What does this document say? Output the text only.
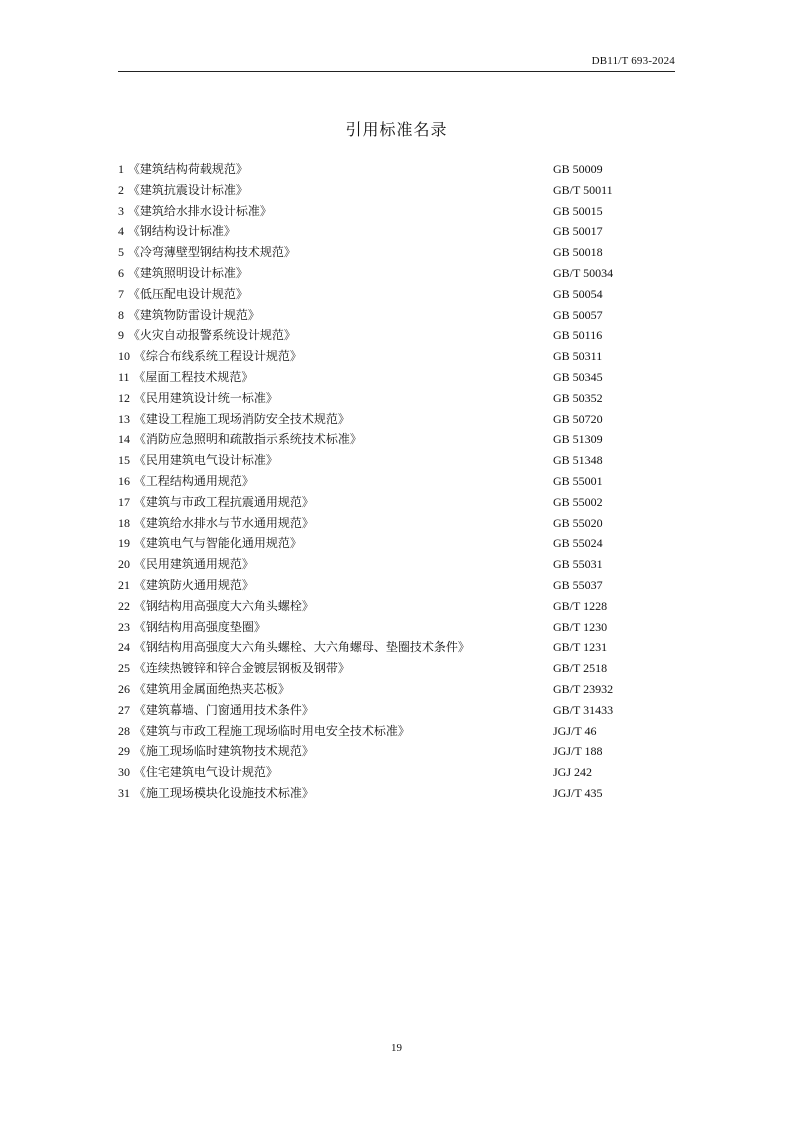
DB11/T 693-2024
引用标准名录
1 《建筑结构荷载规范》	GB 50009
2 《建筑抗震设计标准》	GB/T 50011
3 《建筑给水排水设计标准》	GB 50015
4 《钢结构设计标准》	GB 50017
5 《冷弯薄壁型钢结构技术规范》	GB 50018
6 《建筑照明设计标准》	GB/T 50034
7 《低压配电设计规范》	GB 50054
8 《建筑物防雷设计规范》	GB 50057
9 《火灾自动报警系统设计规范》	GB 50116
10 《综合布线系统工程设计规范》	GB 50311
11 《屋面工程技术规范》	GB 50345
12 《民用建筑设计统一标准》	GB 50352
13 《建设工程施工现场消防安全技术规范》	GB 50720
14 《消防应急照明和疏散指示系统技术标准》	GB 51309
15 《民用建筑电气设计标准》	GB 51348
16 《工程结构通用规范》	GB 55001
17 《建筑与市政工程抗震通用规范》	GB 55002
18 《建筑给水排水与节水通用规范》	GB 55020
19 《建筑电气与智能化通用规范》	GB 55024
20 《民用建筑通用规范》	GB 55031
21 《建筑防火通用规范》	GB 55037
22 《钢结构用高强度大六角头螺栓》	GB/T 1228
23 《钢结构用高强度垫圈》	GB/T 1230
24 《钢结构用高强度大六角头螺栓、大六角螺母、垫圈技术条件》	GB/T 1231
25 《连续热镀锌和锌合金镀层钢板及钢带》	GB/T 2518
26 《建筑用金属面绝热夹芯板》	GB/T 23932
27 《建筑幕墙、门窗通用技术条件》	GB/T 31433
28 《建筑与市政工程施工现场临时用电安全技术标准》	JGJ/T 46
29 《施工现场临时建筑物技术规范》	JGJ/T 188
30 《住宅建筑电气设计规范》	JGJ 242
31 《施工现场模块化设施技术标准》	JGJ/T 435
19
